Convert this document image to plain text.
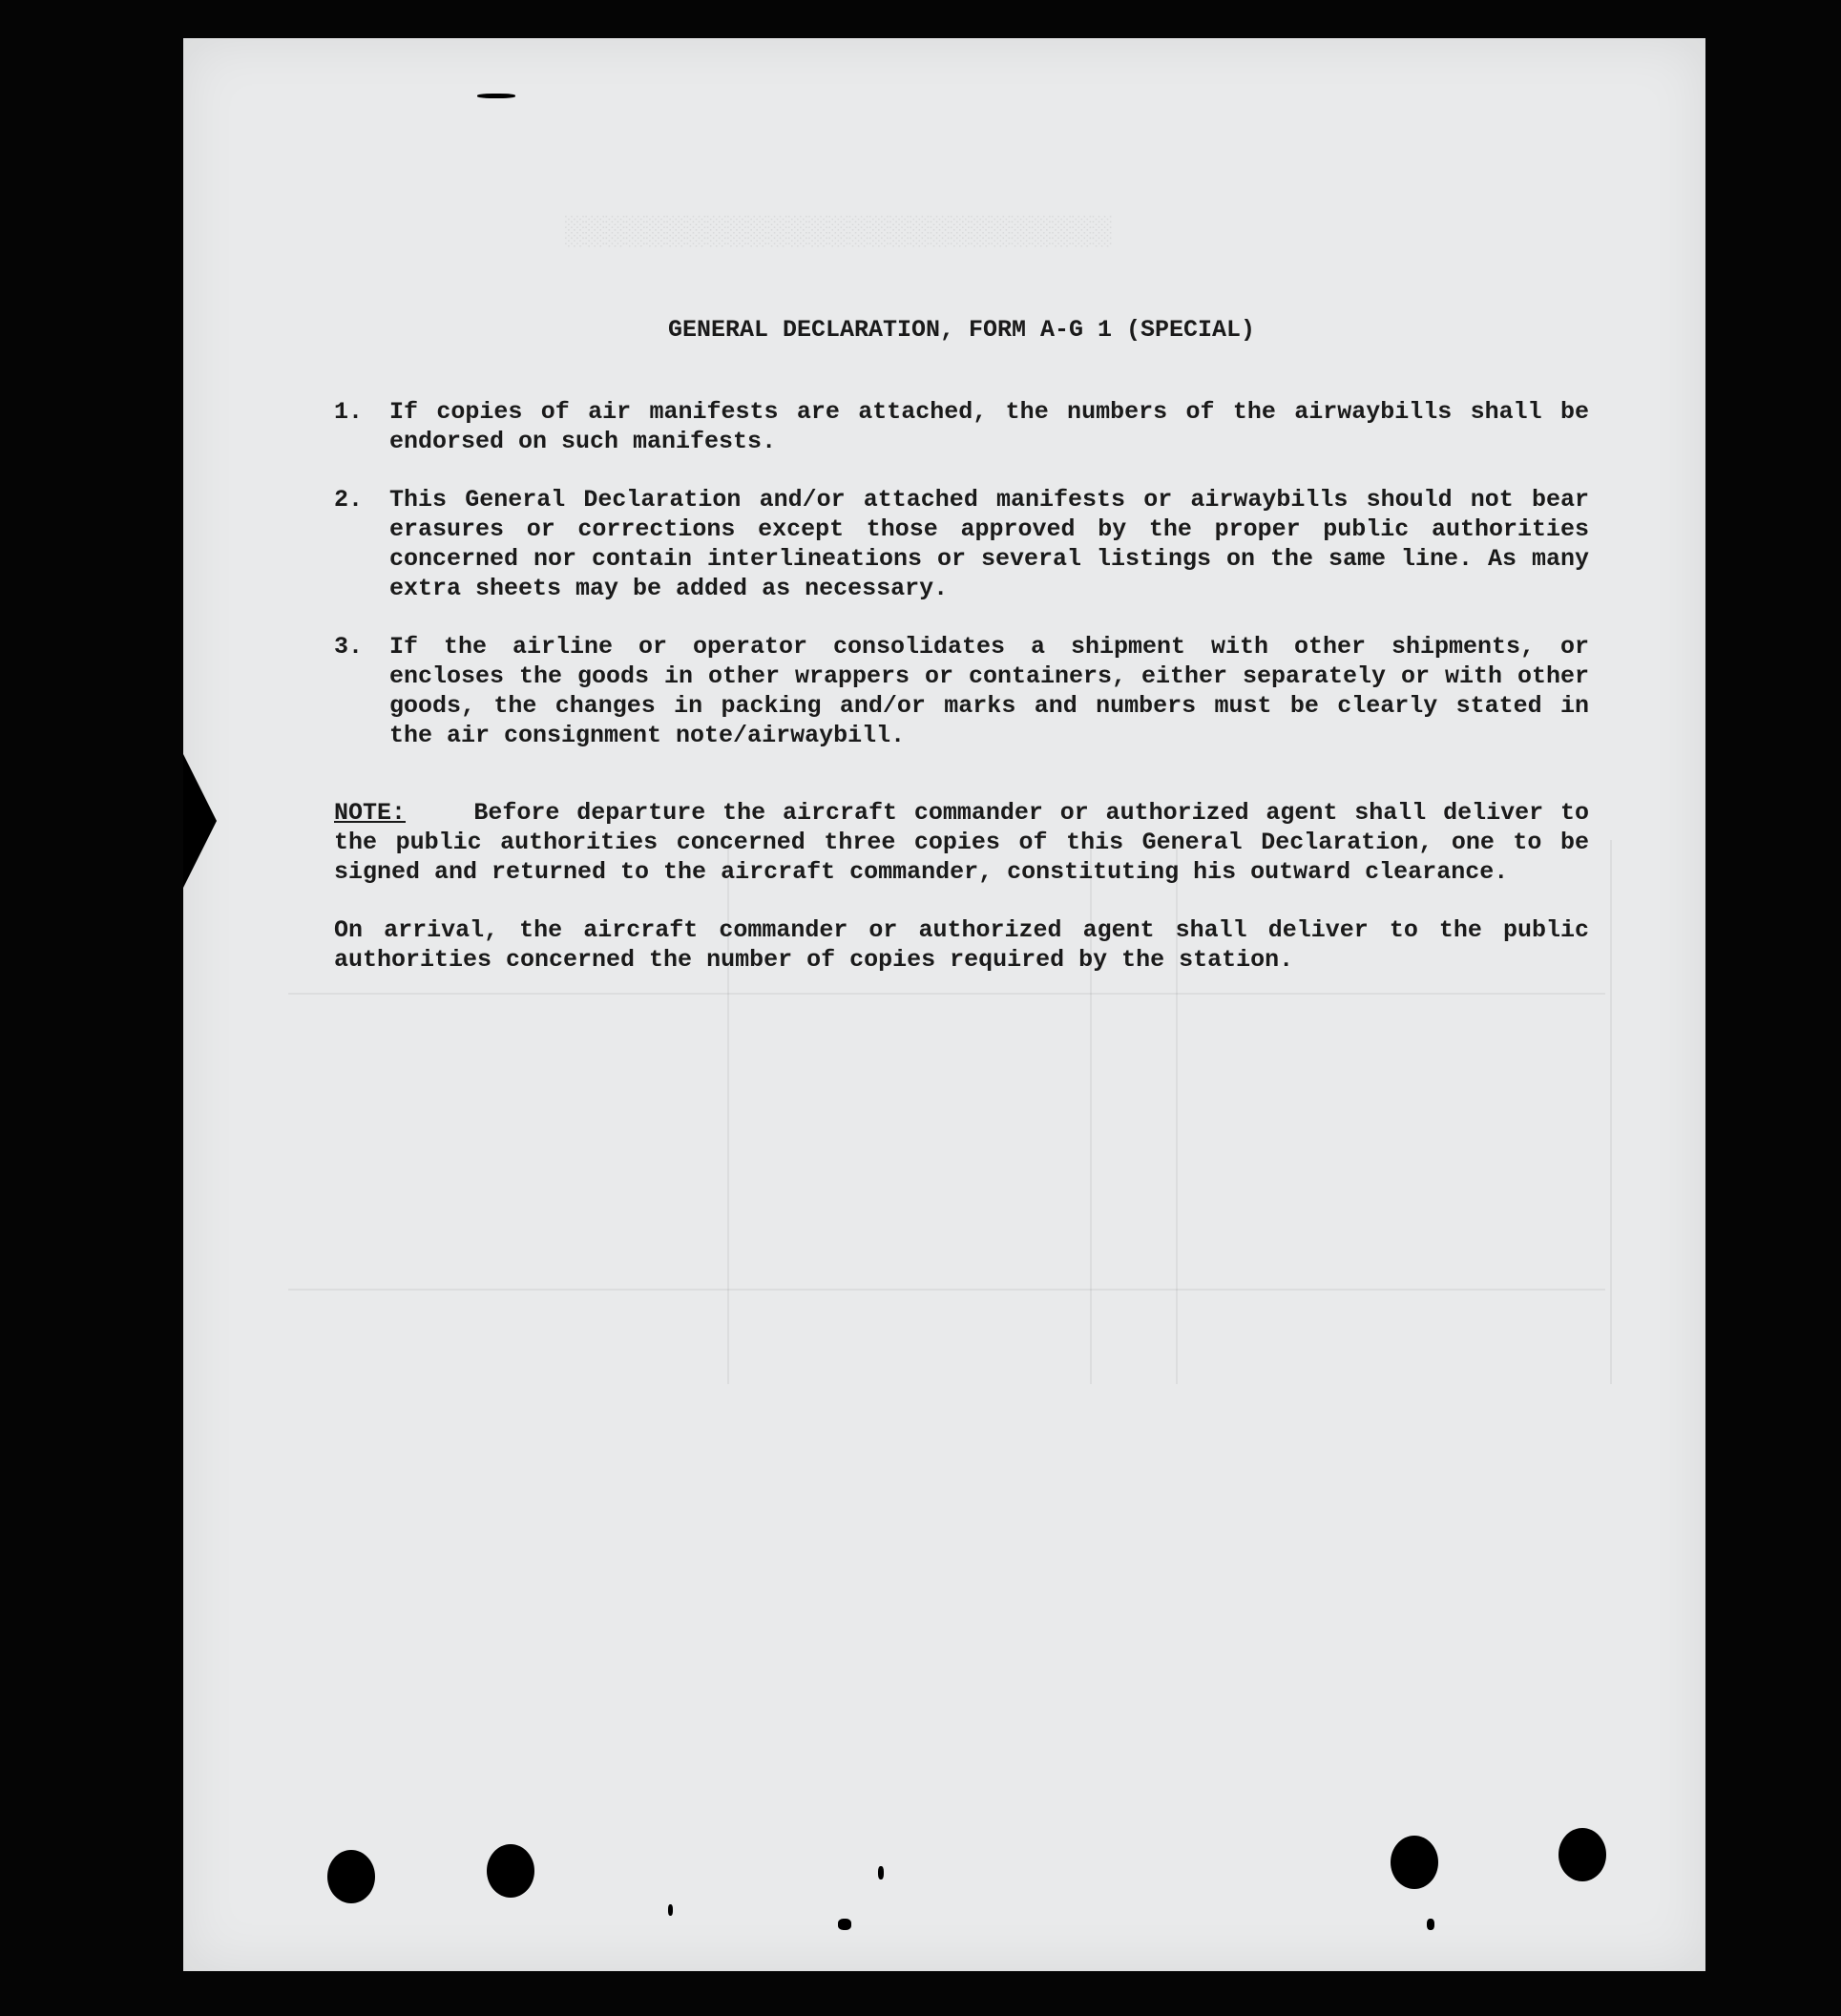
░░░░░░░░░░░░░░░░░░░░░░░░░░░
GENERAL DECLARATION, FORM A-G 1 (SPECIAL)
1.	If copies of air manifests are attached, the numbers of the airwaybills shall be endorsed on such manifests.
2.	This General Declaration and/or attached manifests or airwaybills should not bear erasures or corrections except those approved by the proper public authorities concerned nor contain interlineations or several listings on the same line. As many extra sheets may be added as necessary.
3.	If the airline or operator consolidates a shipment with other shipments, or encloses the goods in other wrappers or containers, either separately or with other goods, the changes in packing and/or marks and numbers must be clearly stated in the air consignment note/airwaybill.
NOTE:	Before departure the aircraft commander or authorized agent shall deliver to the public authorities concerned three copies of this General Declaration, one to be signed and returned to the aircraft commander, constituting his outward clearance.
On arrival, the aircraft commander or authorized agent shall deliver to the public authorities concerned the number of copies required by the station.
